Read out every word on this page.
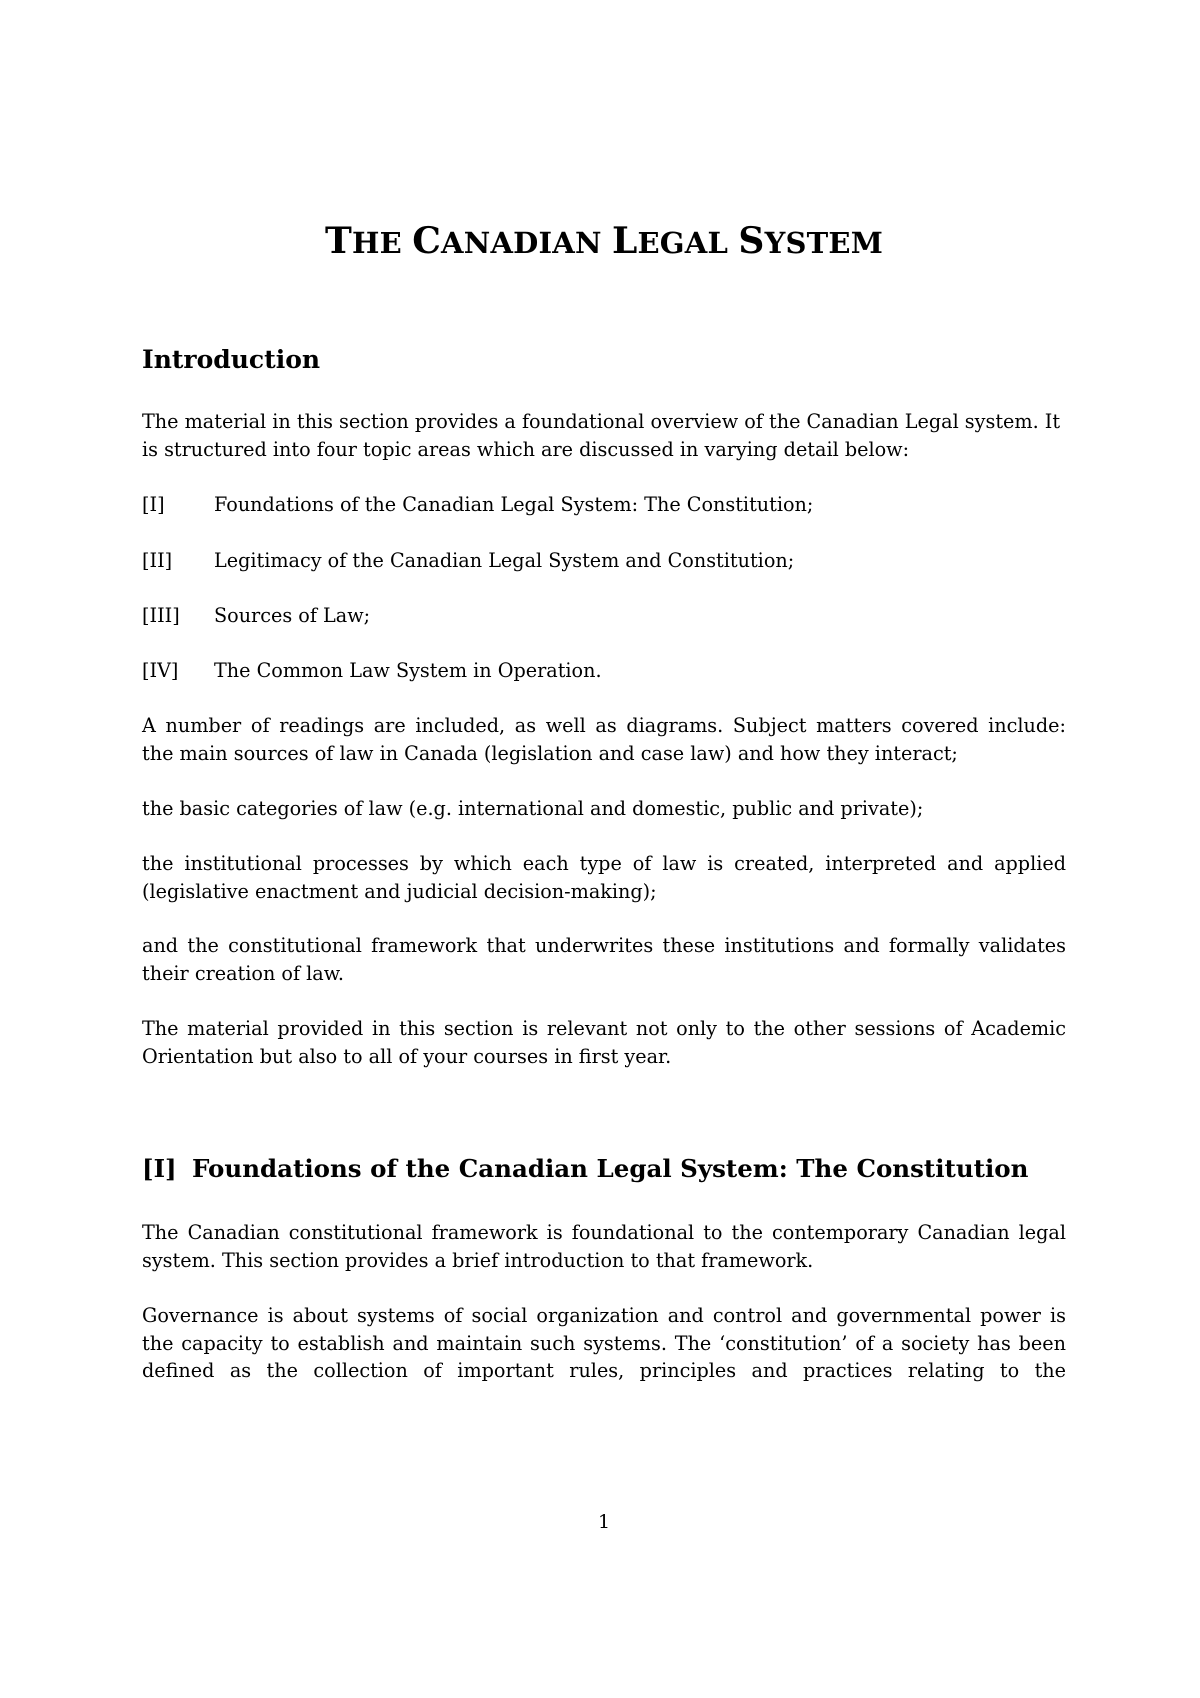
THE CANADIAN LEGAL SYSTEM
Introduction
The material in this section provides a foundational overview of the Canadian Legal system. It is structured into four topic areas which are discussed in varying detail below:
[I]	Foundations of the Canadian Legal System: The Constitution;
[II] Legitimacy of the Canadian Legal System and Constitution;
[III] Sources of Law;
[IV] The Common Law System in Operation.
A number of readings are included, as well as diagrams. Subject matters covered include:
the main sources of law in Canada (legislation and case law) and how they interact;
the basic categories of law (e.g. international and domestic, public and private);
the institutional processes by which each type of law is created, interpreted and applied (legislative enactment and judicial decision-making);
and the constitutional framework that underwrites these institutions and formally validates their creation of law.
The material provided in this section is relevant not only to the other sessions of Academic Orientation but also to all of your courses in first year.
[I] Foundations of the Canadian Legal System: The Constitution
The Canadian constitutional framework is foundational to the contemporary Canadian legal system. This section provides a brief introduction to that framework.
Governance is about systems of social organization and control and governmental power is the capacity to establish and maintain such systems. The ‘constitution’ of a society has been defined as the collection of important rules, principles and practices relating to the
1
